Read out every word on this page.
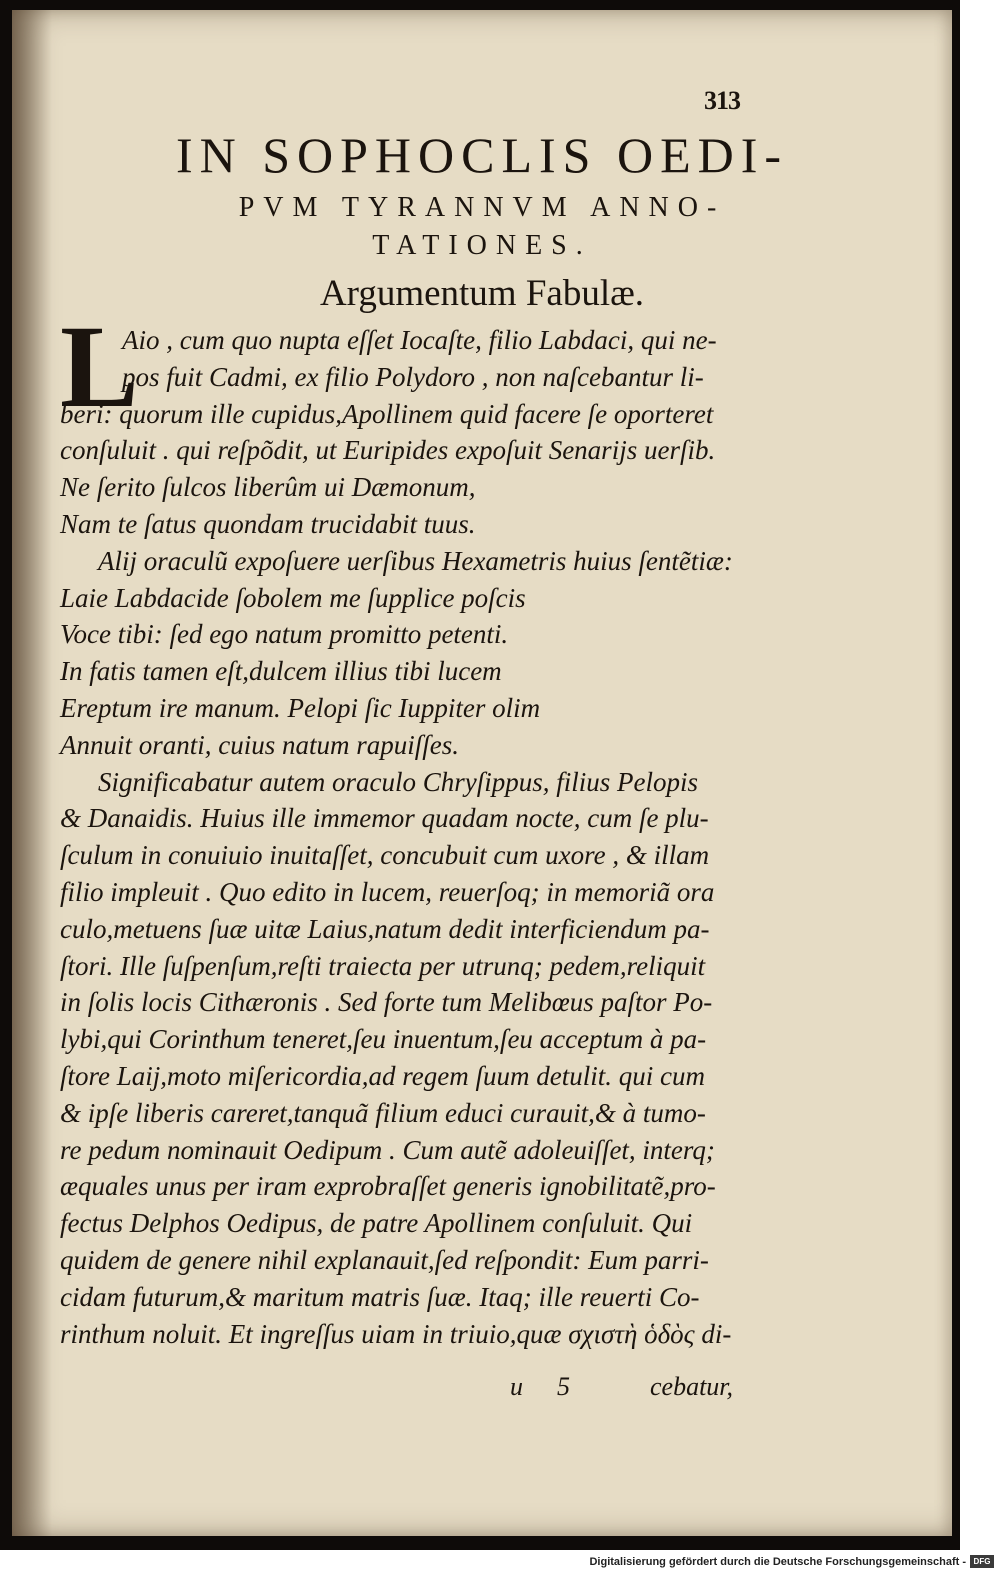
313
IN SOPHOCLIS OEDI-
PVM TYRANNVM ANNO-
TATIONES.
Argumentum Fabulæ.
L
Aio , cum quo nupta eſſet Iocaſte, filio Labdaci, qui ne-
pos fuit Cadmi, ex filio Polydoro , non naſcebantur li-
beri: quorum ille cupidus,Apollinem quid facere ſe oporteret
conſuluit . qui reſpõdit, ut Euripides expoſuit Senarijs uerſib.
Ne ſerito ſulcos liberûm ui Dæmonum,
Nam te ſatus quondam trucidabit tuus.
Alij oraculũ expoſuere uerſibus Hexametris huius ſentẽtiæ:
Laie Labdacide ſobolem me ſupplice poſcis
Voce tibi: ſed ego natum promitto petenti.
In fatis tamen eſt,dulcem illius tibi lucem
Ereptum ire manum. Pelopi ſic Iuppiter olim
Annuit oranti, cuius natum rapuiſſes.
Significabatur autem oraculo Chryſippus, filius Pelopis
& Danaidis. Huius ille immemor quadam nocte, cum ſe plu-
ſculum in conuiuio inuitaſſet, concubuit cum uxore , & illam
filio impleuit . Quo edito in lucem, reuerſoq; in memoriã ora
culo,metuens ſuæ uitæ Laius,natum dedit interficiendum pa-
ſtori. Ille ſuſpenſum,reſti traiecta per utrunq; pedem,reliquit
in ſolis locis Cithæronis . Sed forte tum Melibœus paſtor Po-
lybi,qui Corinthum teneret,ſeu inuentum,ſeu acceptum à pa-
ſtore Laij,moto miſericordia,ad regem ſuum detulit. qui cum
& ipſe liberis careret,tanquã filium educi curauit,& à tumo-
re pedum nominauit Oedipum . Cum autẽ adoleuiſſet, interq;
æquales unus per iram exprobraſſet generis ignobilitatẽ,pro-
fectus Delphos Oedipus, de patre Apollinem conſuluit. Qui
quidem de genere nihil explanauit,ſed reſpondit: Eum parri-
cidam futurum,& maritum matris ſuæ. Itaq; ille reuerti Co-
rinthum noluit. Et ingreſſus uiam in triuio,quæ σχιστὴ ὁδὸς di-
u 5	cebatur,
Digitalisierung gefördert durch die Deutsche Forschungsgemeinschaft - DFG
